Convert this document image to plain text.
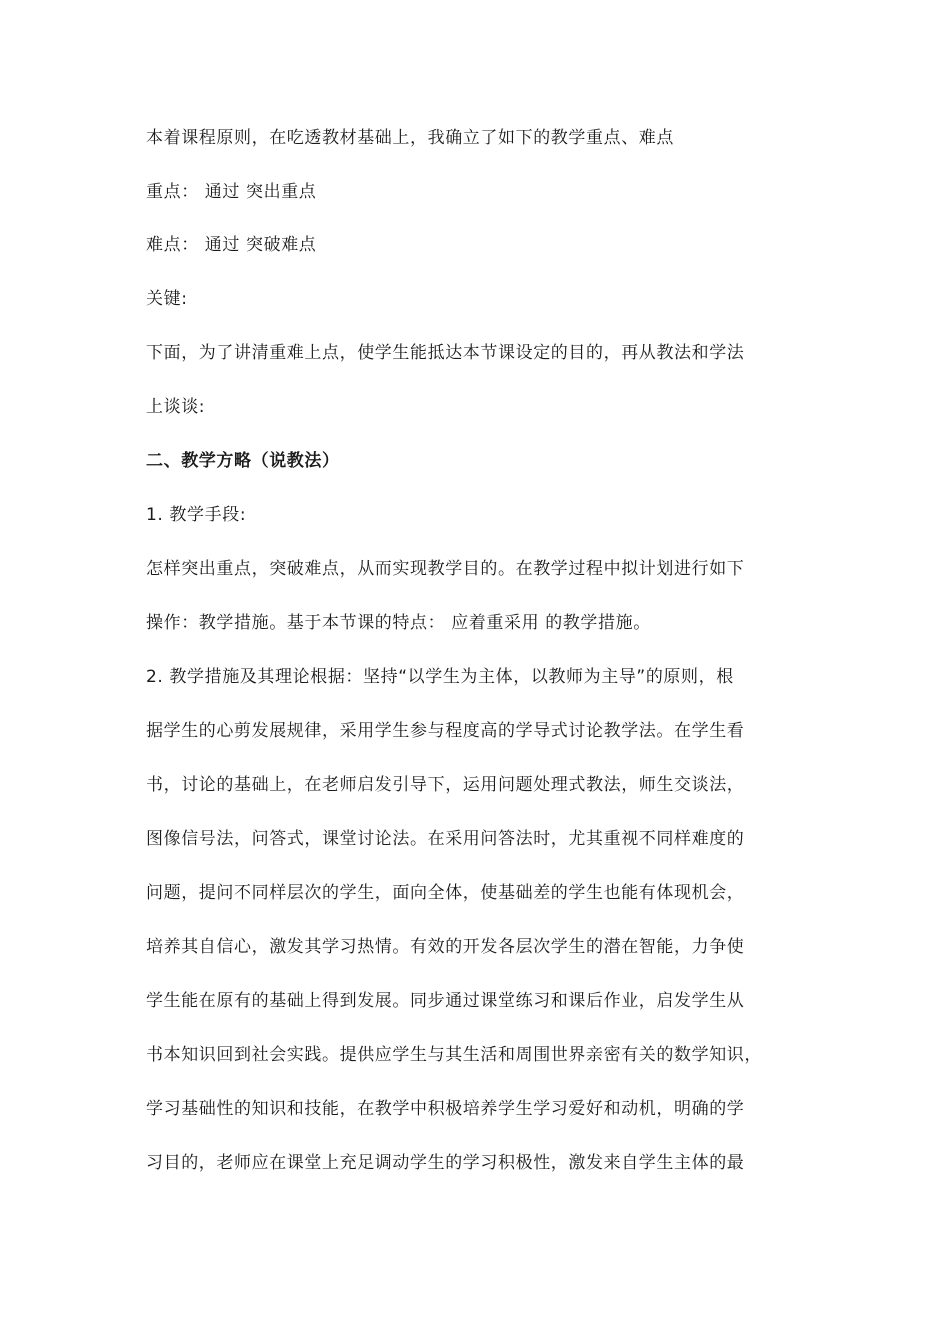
本着课程原则，在吃透教材基础上，我确立了如下的教学重点、难点
重点： 通过 突出重点
难点： 通过 突破难点
关键:
下面，为了讲清重难上点，使学生能抵达本节课设定的目的，再从教法和学法
上谈谈:
二、教学方略（说教法）
1. 教学手段:
怎样突出重点，突破难点，从而实现教学目的。在教学过程中拟计划进行如下
操作：教学措施。基于本节课的特点： 应着重采用 的教学措施。
2. 教学措施及其理论根据：坚持“以学生为主体，以教师为主导”的原则，根
据学生的心剪发展规律，采用学生参与程度高的学导式讨论教学法。在学生看
书，讨论的基础上，在老师启发引导下，运用问题处理式教法，师生交谈法，
图像信号法，问答式，课堂讨论法。在采用问答法时，尤其重视不同样难度的
问题，提问不同样层次的学生，面向全体，使基础差的学生也能有体现机会，
培养其自信心，激发其学习热情。有效的开发各层次学生的潜在智能，力争使
学生能在原有的基础上得到发展。同步通过课堂练习和课后作业，启发学生从
书本知识回到社会实践。提供应学生与其生活和周围世界亲密有关的数学知识，
学习基础性的知识和技能，在教学中积极培养学生学习爱好和动机，明确的学
习目的，老师应在课堂上充足调动学生的学习积极性，激发来自学生主体的最
